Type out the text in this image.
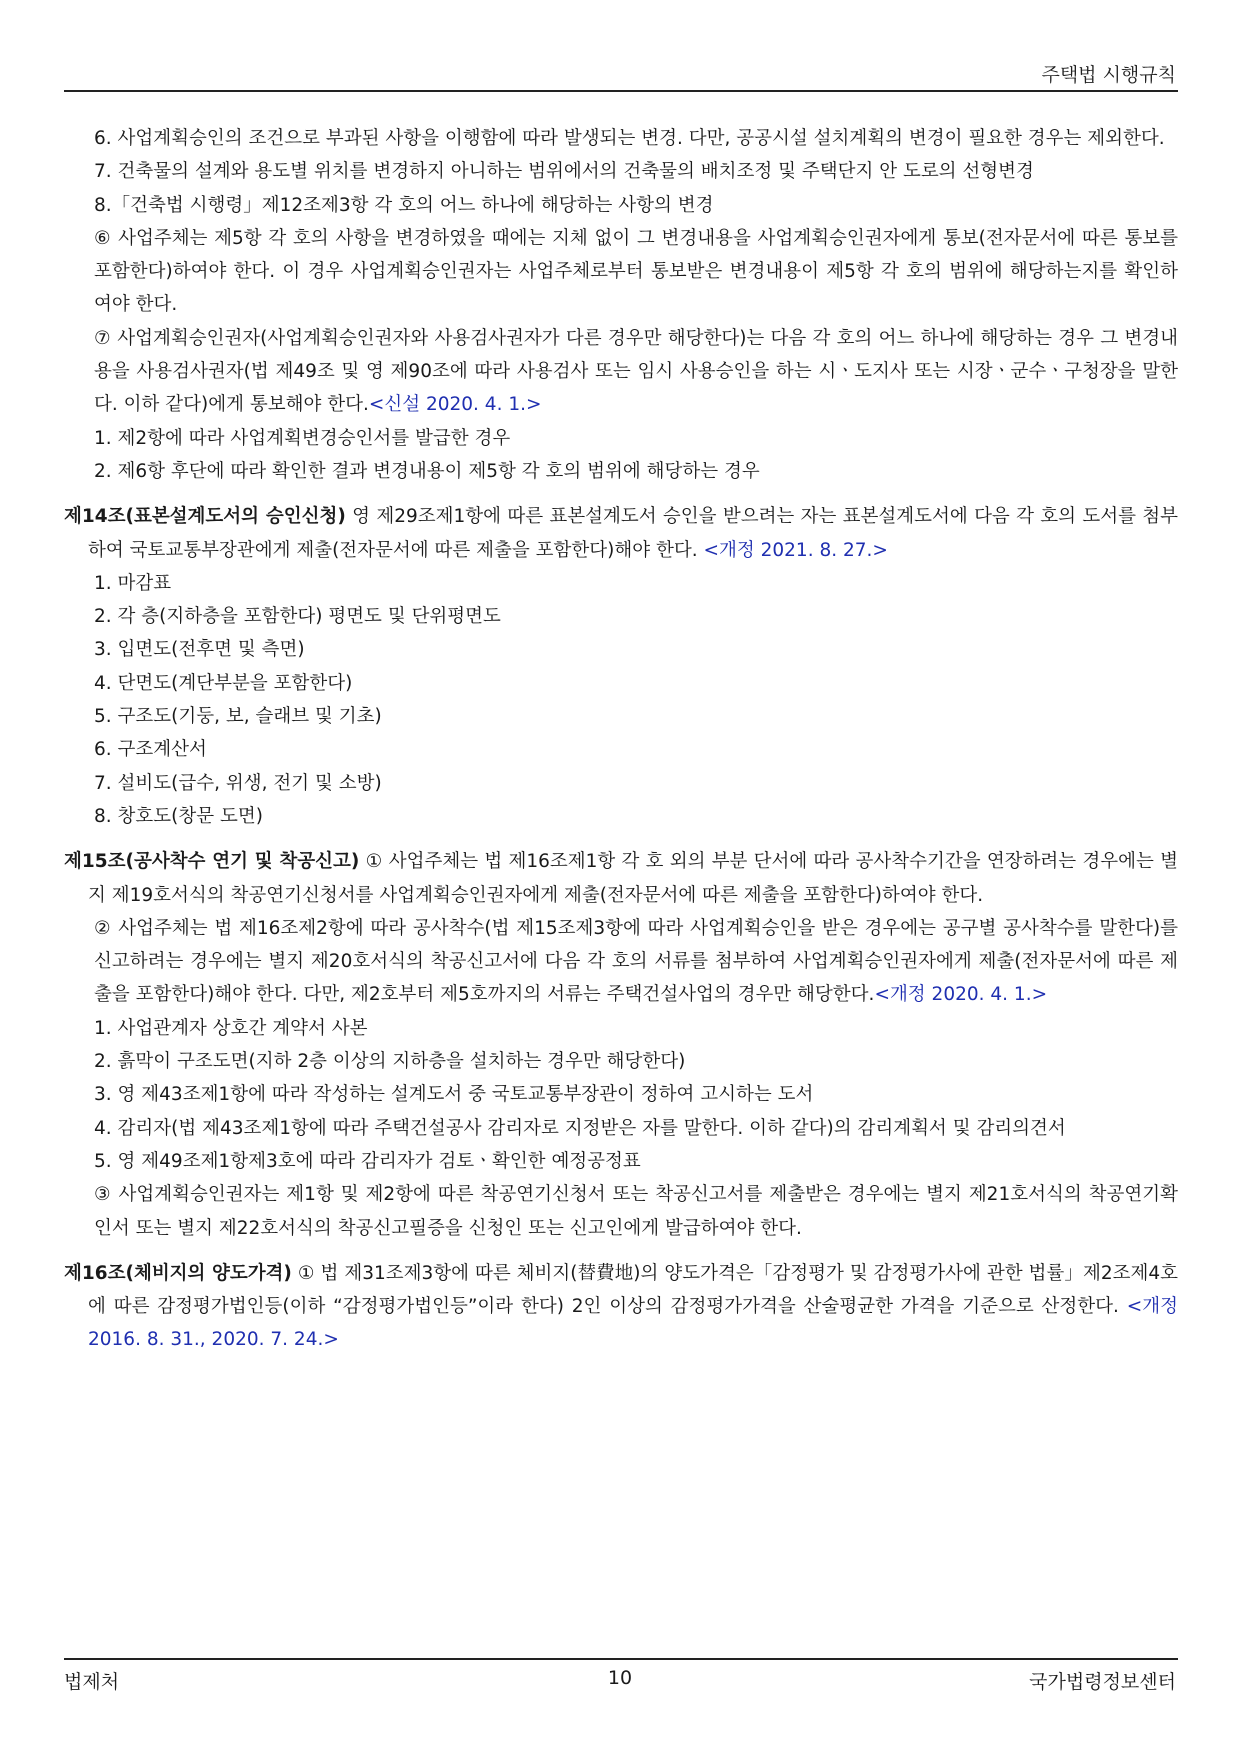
주택법 시행규칙
6. 사업계획승인의 조건으로 부과된 사항을 이행함에 따라 발생되는 변경. 다만, 공공시설 설치계획의 변경이 필요한 경우는 제외한다.
7. 건축물의 설계와 용도별 위치를 변경하지 아니하는 범위에서의 건축물의 배치조정 및 주택단지 안 도로의 선형변경
8.「건축법 시행령」제12조제3항 각 호의 어느 하나에 해당하는 사항의 변경
⑥ 사업주체는 제5항 각 호의 사항을 변경하였을 때에는 지체 없이 그 변경내용을 사업계획승인권자에게 통보(전자문서에 따른 통보를 포함한다)하여야 한다. 이 경우 사업계획승인권자는 사업주체로부터 통보받은 변경내용이 제5항 각 호의 범위에 해당하는지를 확인하여야 한다.
⑦ 사업계획승인권자(사업계획승인권자와 사용검사권자가 다른 경우만 해당한다)는 다음 각 호의 어느 하나에 해당하는 경우 그 변경내용을 사용검사권자(법 제49조 및 영 제90조에 따라 사용검사 또는 임시 사용승인을 하는 시ㆍ도지사 또는 시장ㆍ군수ㆍ구청장을 말한다. 이하 같다)에게 통보해야 한다.<신설 2020. 4. 1.>
1. 제2항에 따라 사업계획변경승인서를 발급한 경우
2. 제6항 후단에 따라 확인한 결과 변경내용이 제5항 각 호의 범위에 해당하는 경우
제14조(표본설계도서의 승인신청) 영 제29조제1항에 따른 표본설계도서 승인을 받으려는 자는 표본설계도서에 다음 각 호의 도서를 첨부하여 국토교통부장관에게 제출(전자문서에 따른 제출을 포함한다)해야 한다. <개정 2021. 8. 27.>
1. 마감표
2. 각 층(지하층을 포함한다) 평면도 및 단위평면도
3. 입면도(전후면 및 측면)
4. 단면도(계단부분을 포함한다)
5. 구조도(기둥, 보, 슬래브 및 기초)
6. 구조계산서
7. 설비도(급수, 위생, 전기 및 소방)
8. 창호도(창문 도면)
제15조(공사착수 연기 및 착공신고) ① 사업주체는 법 제16조제1항 각 호 외의 부분 단서에 따라 공사착수기간을 연장하려는 경우에는 별지 제19호서식의 착공연기신청서를 사업계획승인권자에게 제출(전자문서에 따른 제출을 포함한다)하여야 한다.
② 사업주체는 법 제16조제2항에 따라 공사착수(법 제15조제3항에 따라 사업계획승인을 받은 경우에는 공구별 공사착수를 말한다)를 신고하려는 경우에는 별지 제20호서식의 착공신고서에 다음 각 호의 서류를 첨부하여 사업계획승인권자에게 제출(전자문서에 따른 제출을 포함한다)해야 한다. 다만, 제2호부터 제5호까지의 서류는 주택건설사업의 경우만 해당한다.<개정 2020. 4. 1.>
1. 사업관계자 상호간 계약서 사본
2. 흙막이 구조도면(지하 2층 이상의 지하층을 설치하는 경우만 해당한다)
3. 영 제43조제1항에 따라 작성하는 설계도서 중 국토교통부장관이 정하여 고시하는 도서
4. 감리자(법 제43조제1항에 따라 주택건설공사 감리자로 지정받은 자를 말한다. 이하 같다)의 감리계획서 및 감리의견서
5. 영 제49조제1항제3호에 따라 감리자가 검토ㆍ확인한 예정공정표
③ 사업계획승인권자는 제1항 및 제2항에 따른 착공연기신청서 또는 착공신고서를 제출받은 경우에는 별지 제21호서식의 착공연기확인서 또는 별지 제22호서식의 착공신고필증을 신청인 또는 신고인에게 발급하여야 한다.
제16조(체비지의 양도가격) ① 법 제31조제3항에 따른 체비지(替費地)의 양도가격은「감정평가 및 감정평가사에 관한 법률」제2조제4호에 따른 감정평가법인등(이하 “감정평가법인등”이라 한다) 2인 이상의 감정평가가격을 산술평균한 가격을 기준으로 산정한다. <개정 2016. 8. 31., 2020. 7. 24.>
법제처	10	국가법령정보센터
